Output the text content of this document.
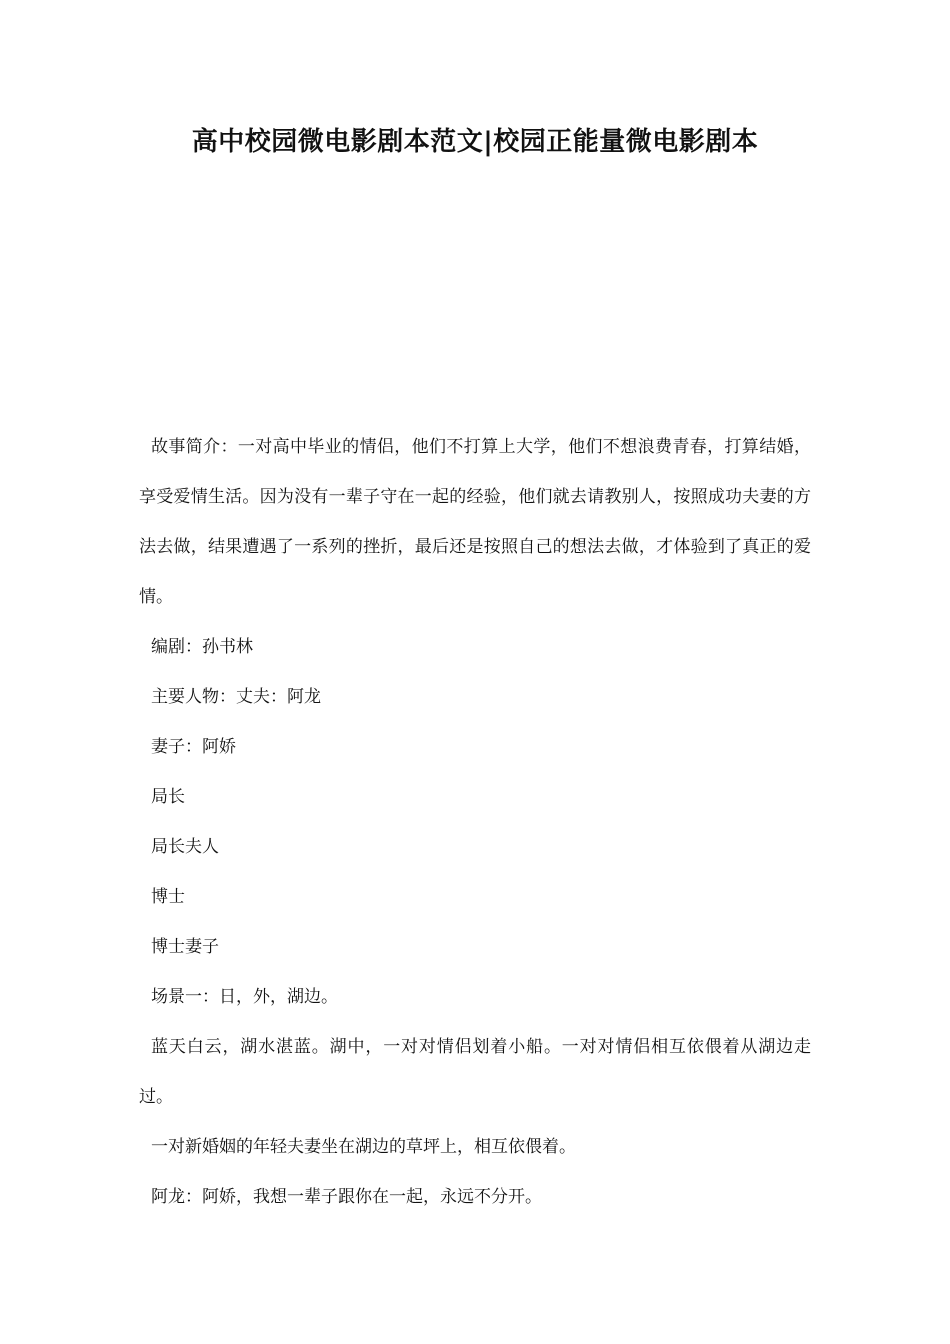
高中校园微电影剧本范文|校园正能量微电影剧本

故事简介：一对高中毕业的情侣，他们不打算上大学，他们不想浪费青春，打算结婚，享受爱情生活。因为没有一辈子守在一起的经验，他们就去请教别人，按照成功夫妻的方法去做，结果遭遇了一系列的挫折，最后还是按照自己的想法去做，才体验到了真正的爱情。

编剧：孙书林

主要人物：丈夫：阿龙

妻子：阿娇

局长

局长夫人

博士

博士妻子

场景一：日，外，湖边。

蓝天白云，湖水湛蓝。湖中，一对对情侣划着小船。一对对情侣相互依偎着从湖边走过。

一对新婚姻的年轻夫妻坐在湖边的草坪上，相互依偎着。

阿龙：阿娇，我想一辈子跟你在一起，永远不分开。
